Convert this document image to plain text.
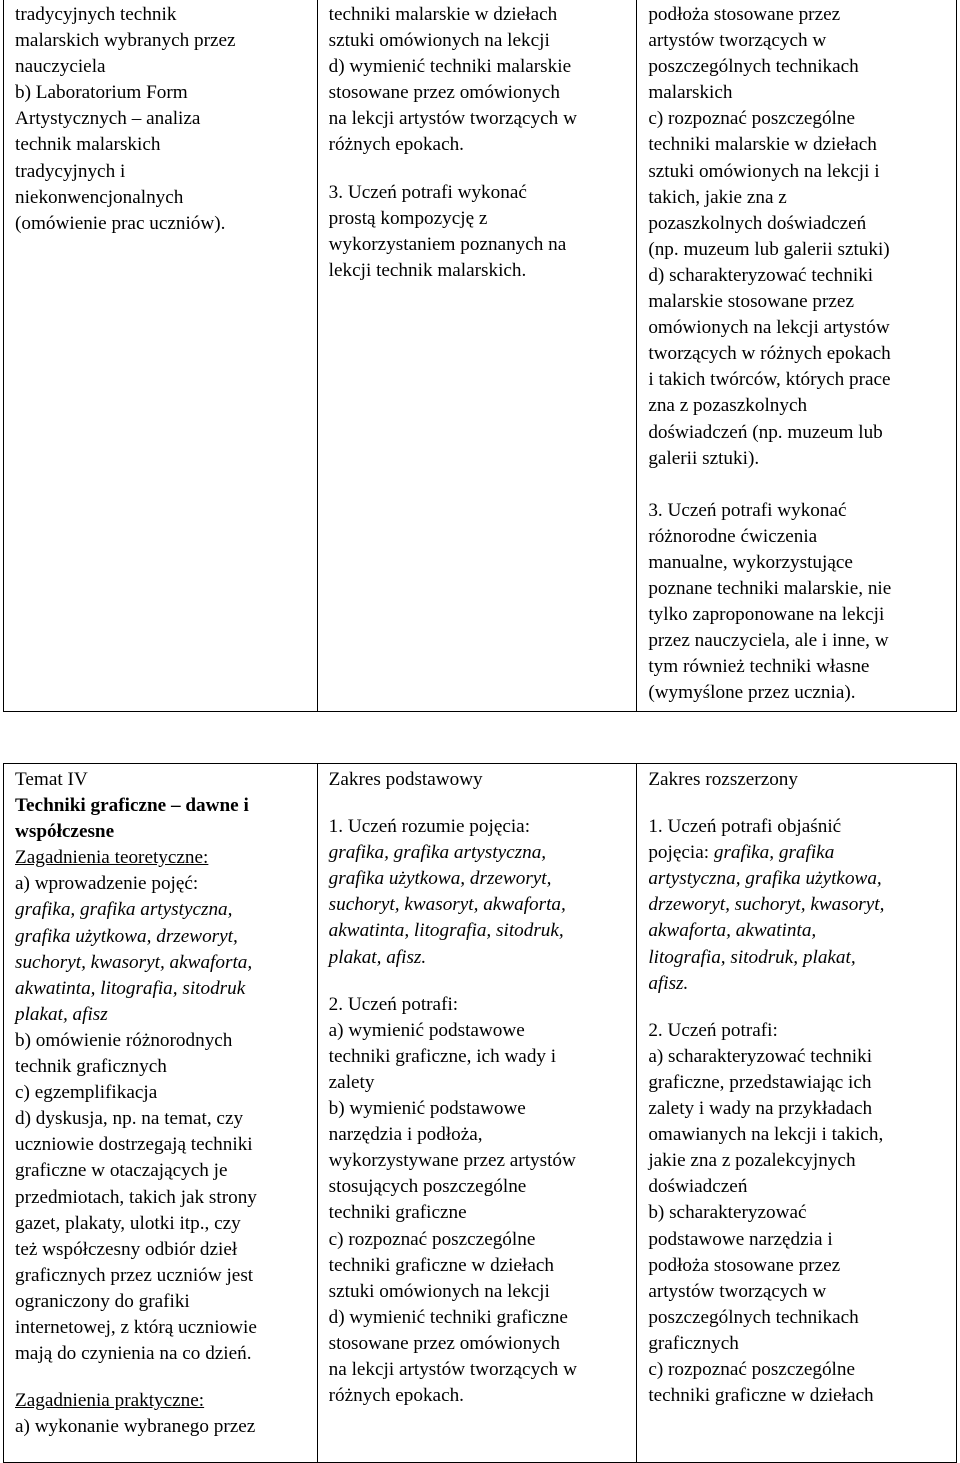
tradycyjnych technik
malarskich wybranych przez
nauczyciela
b) Laboratorium Form
Artystycznych – analiza
technik malarskich
tradycyjnych i
niekonwencjonalnych
(omówienie prac uczniów).

techniki malarskie w dziełach
sztuki omówionych na lekcji
d) wymienić techniki malarskie
stosowane przez omówionych
na lekcji artystów tworzących w
różnych epokach.
3. Uczeń potrafi wykonać
prostą kompozycję z
wykorzystaniem poznanych na
lekcji technik malarskich.

podłoża stosowane przez
artystów tworzących w
poszczególnych technikach
malarskich
c) rozpoznać poszczególne
techniki malarskie w dziełach
sztuki omówionych na lekcji i
takich, jakie zna z
pozaszkolnych doświadczeń
(np. muzeum lub galerii sztuki)
d) scharakteryzować techniki
malarskie stosowane przez
omówionych na lekcji artystów
tworzących w różnych epokach
i takich twórców, których prace
zna z pozaszkolnych
doświadczeń (np. muzeum lub
galerii sztuki).
3. Uczeń potrafi wykonać
różnorodne ćwiczenia
manualne, wykorzystujące
poznane techniki malarskie, nie
tylko zaproponowane na lekcji
przez nauczyciela, ale i inne, w
tym również techniki własne
(wymyślone przez ucznia).
Temat IV
Techniki graficzne – dawne i
współczesne
Zagadnienia teoretyczne:
a) wprowadzenie pojęć:
grafika, grafika artystyczna,
grafika użytkowa, drzeworyt,
suchoryt, kwasoryt, akwaforta,
akwatinta, litografia, sitodruk
plakat, afisz
b) omówienie różnorodnych
technik graficznych
c) egzemplifikacja
d) dyskusja, np. na temat, czy
uczniowie dostrzegają techniki
graficzne w otaczających je
przedmiotach, takich jak strony
gazet, plakaty, ulotki itp., czy
też współczesny odbiór dzieł
graficznych przez uczniów jest
ograniczony do grafiki
internetowej, z którą uczniowie
mają do czynienia na co dzień.
Zagadnienia praktyczne:
a) wykonanie wybranego przez

Zakres podstawowy
1. Uczeń rozumie pojęcia:
grafika, grafika artystyczna,
grafika użytkowa, drzeworyt,
suchoryt, kwasoryt, akwaforta,
akwatinta, litografia, sitodruk,
plakat, afisz.
2. Uczeń potrafi:
a) wymienić podstawowe
techniki graficzne, ich wady i
zalety
b) wymienić podstawowe
narzędzia i podłoża,
wykorzystywane przez artystów
stosujących poszczególne
techniki graficzne
c) rozpoznać poszczególne
techniki graficzne w dziełach
sztuki omówionych na lekcji
d) wymienić techniki graficzne
stosowane przez omówionych
na lekcji artystów tworzących w
różnych epokach.

Zakres rozszerzony
1. Uczeń potrafi objaśnić
pojęcia: grafika, grafika
artystyczna, grafika użytkowa,
drzeworyt, suchoryt, kwasoryt,
akwaforta, akwatinta,
litografia, sitodruk, plakat,
afisz.
2. Uczeń potrafi:
a) scharakteryzować techniki
graficzne, przedstawiając ich
zalety i wady na przykładach
omawianych na lekcji i takich,
jakie zna z pozalekcyjnych
doświadczeń
b) scharakteryzować
podstawowe narzędzia i
podłoża stosowane przez
artystów tworzących w
poszczególnych technikach
graficznych
c) rozpoznać poszczególne
techniki graficzne w dziełach
